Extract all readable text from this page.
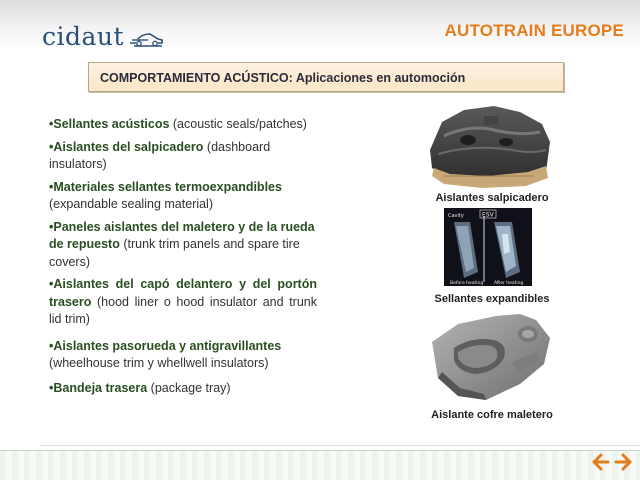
cidaut	AUTOTRAIN EUROPE
COMPORTAMIENTO ACÚSTICO: Aplicaciones en automoción
•Sellantes acústicos (acoustic seals/patches)
•Aislantes del salpicadero (dashboard insulators)
•Materiales sellantes termoexpandibles (expandable sealing material)
•Paneles aislantes del maletero y de la rueda de repuesto (trunk trim panels and spare tire covers)
•Aislantes del capó delantero y del portón trasero (hood liner o hood insulator and trunk lid trim)
•Aislantes pasorueda y antigravillantes (wheelhouse trim y whellwell insulators)
•Bandeja trasera (package tray)
Aislantes salpicadero
Cavity	ESV
Before heating After heating
Sellantes expandibles
Aislante cofre maletero
